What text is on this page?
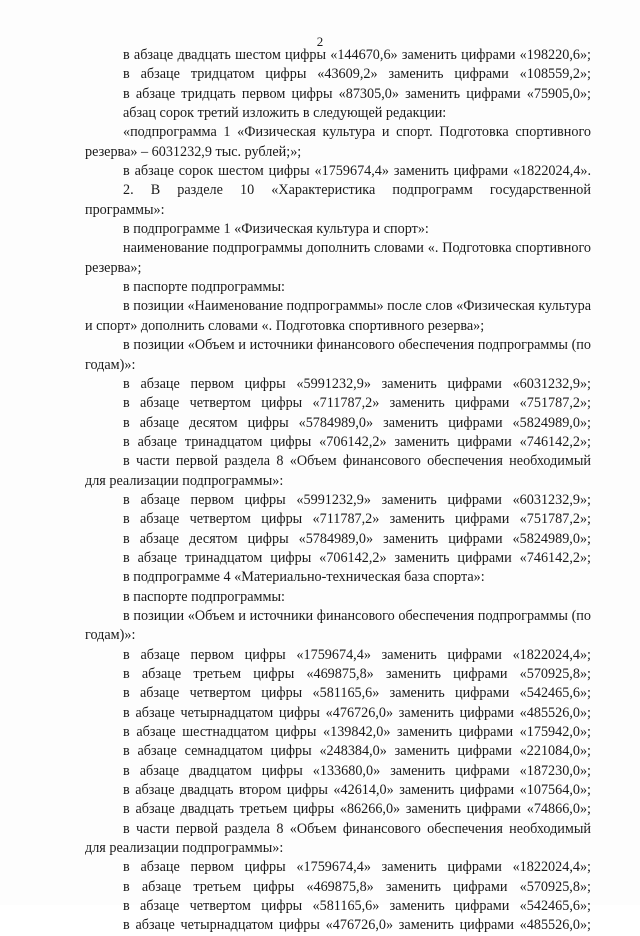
2

в абзаце двадцать шестом цифры «144670,6» заменить цифрами «198220,6»;

в абзаце тридцатом цифры «43609,2» заменить цифрами «108559,2»;

в абзаце тридцать первом цифры «87305,0» заменить цифрами «75905,0»;

абзац сорок третий изложить в следующей редакции:

«подпрограмма 1 «Физическая культура и спорт. Подготовка спортивного резерва» – 6031232,9 тыс. рублей;»;

в абзаце сорок шестом цифры «1759674,4» заменить цифрами «1822024,4».

2. В разделе 10 «Характеристика подпрограмм государственной программы»:

в подпрограмме 1 «Физическая культура и спорт»:

наименование подпрограммы дополнить словами «. Подготовка спортивного резерва»;

в паспорте подпрограммы:

в позиции «Наименование подпрограммы» после слов «Физическая культура и спорт» дополнить словами «. Подготовка спортивного резерва»;

в позиции «Объем и источники финансового обеспечения подпрограммы (по годам)»:

в абзаце первом цифры «5991232,9» заменить цифрами «6031232,9»;

в абзаце четвертом цифры «711787,2» заменить цифрами «751787,2»;

в абзаце десятом цифры «5784989,0» заменить цифрами «5824989,0»;

в абзаце тринадцатом цифры «706142,2» заменить цифрами «746142,2»;

в части первой раздела 8 «Объем финансового обеспечения необходимый для реализации подпрограммы»:

в абзаце первом цифры «5991232,9» заменить цифрами «6031232,9»;

в абзаце четвертом цифры «711787,2» заменить цифрами «751787,2»;

в абзаце десятом цифры «5784989,0» заменить цифрами «5824989,0»;

в абзаце тринадцатом цифры «706142,2» заменить цифрами «746142,2»;

в подпрограмме 4 «Материально-техническая база спорта»:

в паспорте подпрограммы:

в позиции «Объем и источники финансового обеспечения подпрограммы (по годам)»:

в абзаце первом цифры «1759674,4» заменить цифрами «1822024,4»;

в абзаце третьем цифры «469875,8» заменить цифрами «570925,8»;

в абзаце четвертом цифры «581165,6» заменить цифрами «542465,6»;

в абзаце четырнадцатом цифры «476726,0» заменить цифрами «485526,0»;

в абзаце шестнадцатом цифры «139842,0» заменить цифрами «175942,0»;

в абзаце семнадцатом цифры «248384,0» заменить цифрами «221084,0»;

в абзаце двадцатом цифры «133680,0» заменить цифрами «187230,0»;

в абзаце двадцать втором цифры «42614,0» заменить цифрами «107564,0»;

в абзаце двадцать третьем цифры «86266,0» заменить цифрами «74866,0»;

в части первой раздела 8 «Объем финансового обеспечения необходимый для реализации подпрограммы»:

в абзаце первом цифры «1759674,4» заменить цифрами «1822024,4»;

в абзаце третьем цифры «469875,8» заменить цифрами «570925,8»;

в абзаце четвертом цифры «581165,6» заменить цифрами «542465,6»;

в абзаце четырнадцатом цифры «476726,0» заменить цифрами «485526,0»;
